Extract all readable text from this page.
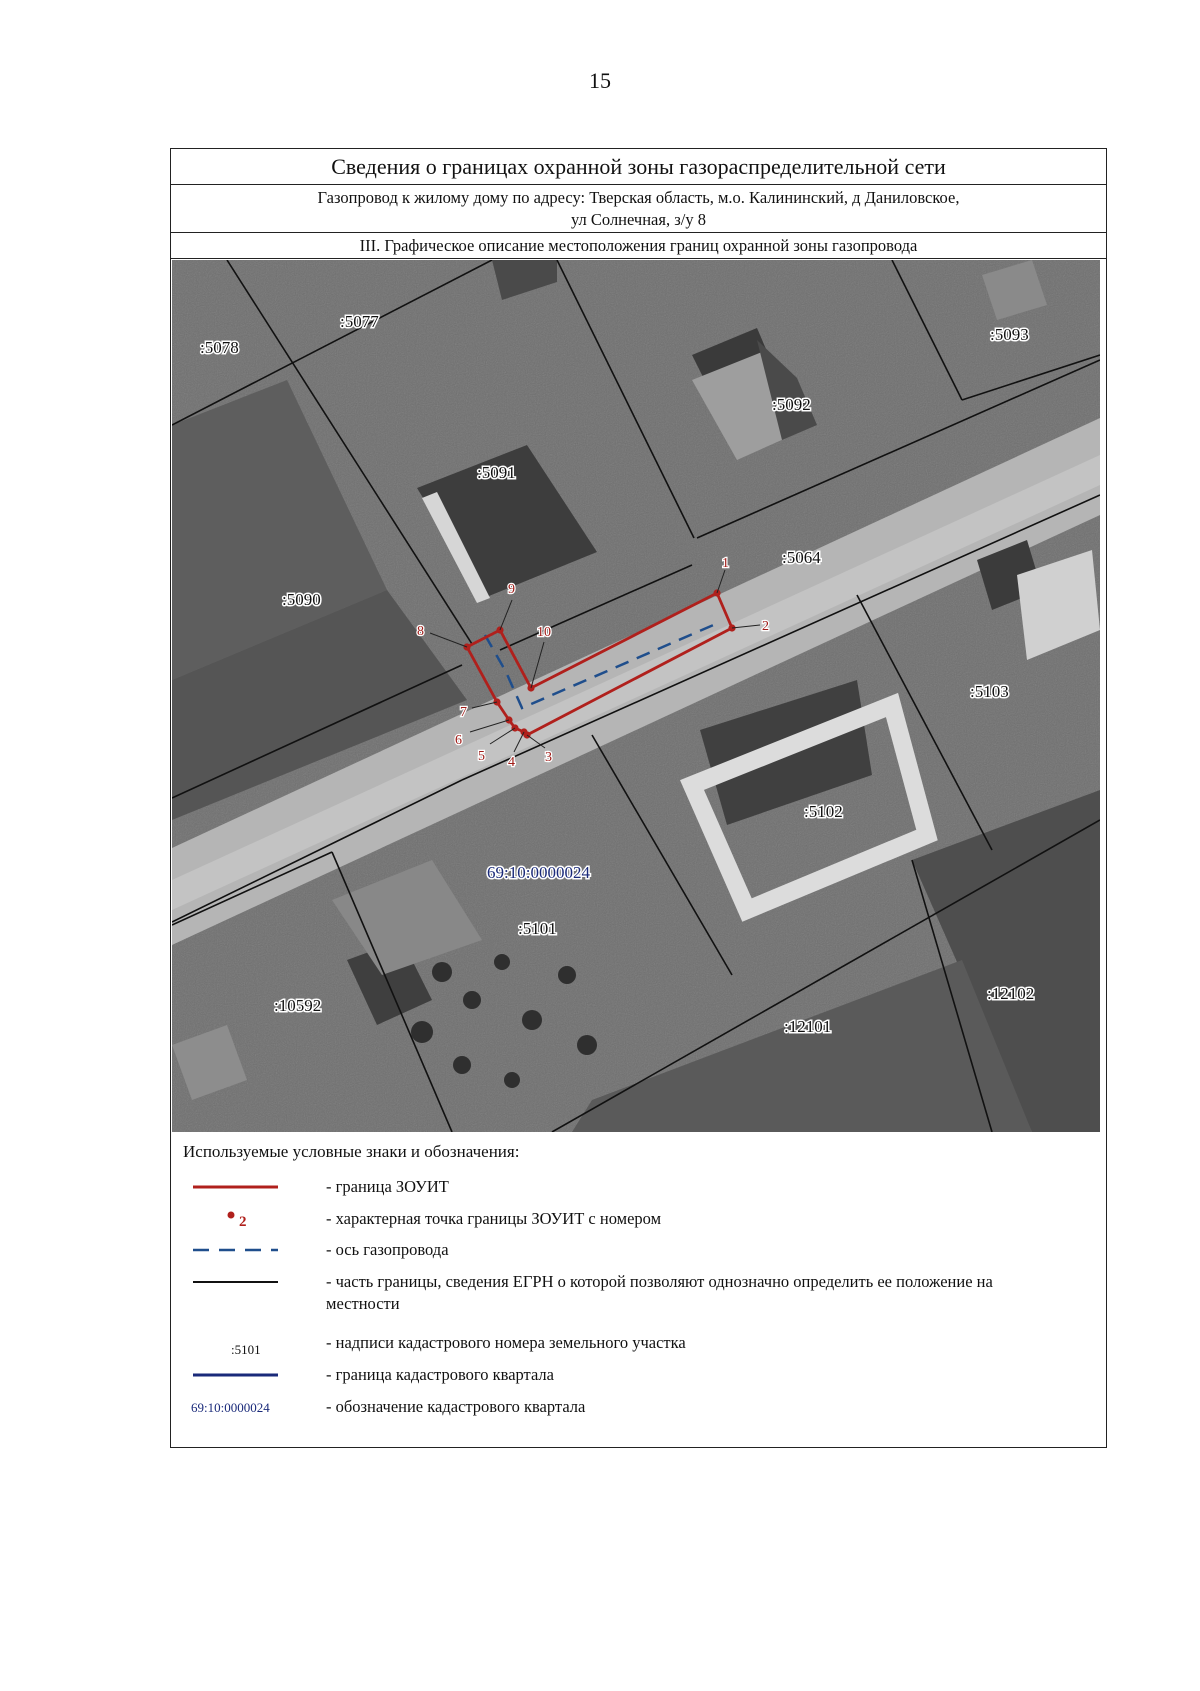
15
Сведения о границах охранной зоны газораспределительной сети
Газопровод к жилому дому по адресу: Тверская область, м.о. Калининский, д Даниловское,
ул Солнечная, з/у 8
III. Графическое описание местоположения границ охранной зоны газопровода
1
2
3
4
5
6
7
8
9
10
:5078
:5077
:5093
:5092
:5091
:5090
:5064
:5103
:5102
:5101
:10592
:12101
:12102
69:10:0000024
Используемые условные знаки и обозначения:
- граница ЗОУИТ
2	- характерная точка границы ЗОУИТ с номером
- ось газопровода
- часть границы, сведения ЕГРН о которой позволяют однозначно определить ее положение на местности
:5101	- надписи кадастрового номера земельного участка
- граница кадастрового квартала
69:10:0000024	- обозначение кадастрового квартала
